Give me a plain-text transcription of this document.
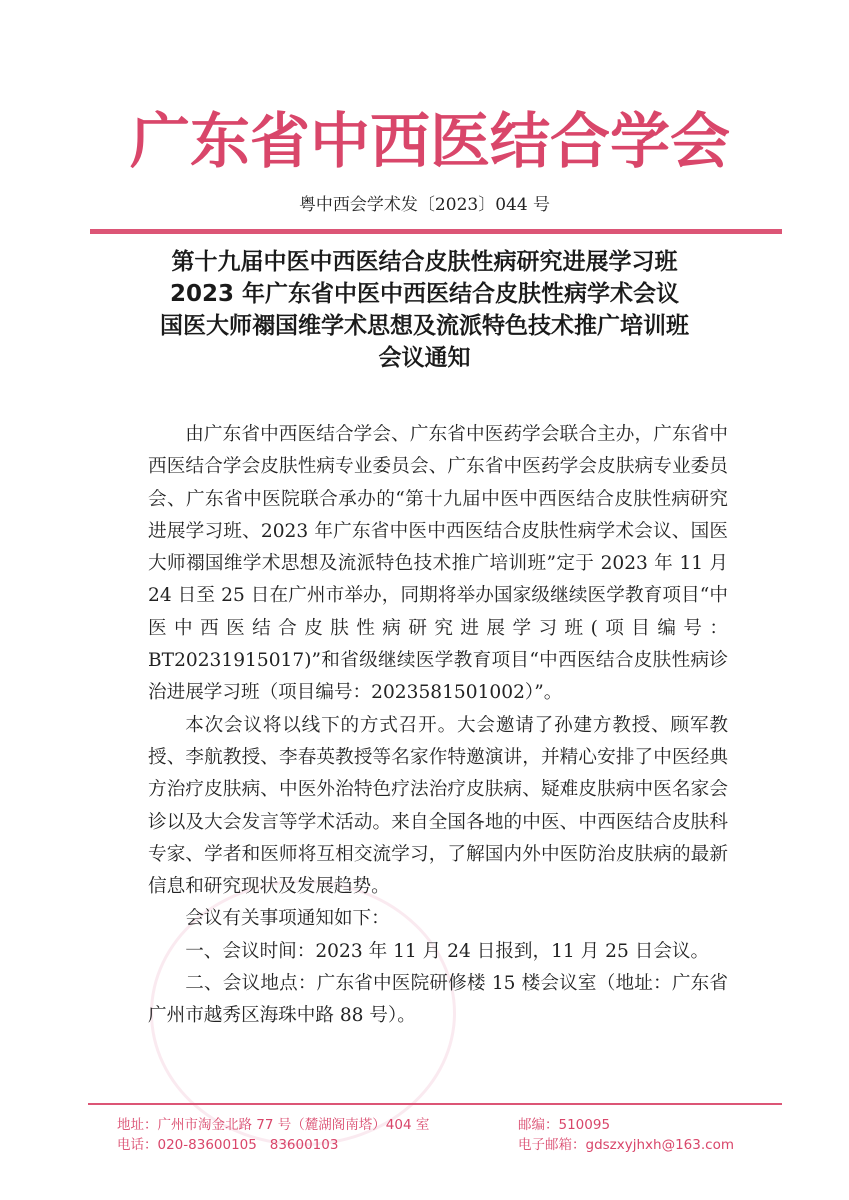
广 东 省 中 西 医 结 合 学 会
粤中西会学术发〔2023〕044 号
第十九届中医中西医结合皮肤性病研究进展学习班
2023 年广东省中医中西医结合皮肤性病学术会议
国医大师禤国维学术思想及流派特色技术推广培训班
会议通知

由广东省中西医结合学会、广东省中医药学会联合主办，广东省中西医结合学会皮肤性病专业委员会、广东省中医药学会皮肤病专业委员会、广东省中医院联合承办的“第十九届中医中西医结合皮肤性病研究进展学习班、2023 年广东省中医中西医结合皮肤性病学术会议、国医大师禤国维学术思想及流派特色技术推广培训班”定于 2023 年 11 月 24 日至 25 日在广州市举办，同期将举办国家级继续医学教育项目“中医中西医结合皮肤性病研究进展学习班(项目编号：BT20231915017)”和省级继续医学教育项目“中西医结合皮肤性病诊治进展学习班（项目编号：2023581501002）”。

本次会议将以线下的方式召开。大会邀请了孙建方教授、顾军教授、李航教授、李春英教授等名家作特邀演讲，并精心安排了中医经典方治疗皮肤病、中医外治特色疗法治疗皮肤病、疑难皮肤病中医名家会诊以及大会发言等学术活动。来自全国各地的中医、中西医结合皮肤科专家、学者和医师将互相交流学习，了解国内外中医防治皮肤病的最新信息和研究现状及发展趋势。

会议有关事项通知如下：

一、会议时间：2023 年 11 月 24 日报到，11 月 25 日会议。

二、会议地点：广东省中医院研修楼 15 楼会议室（地址：广东省广州市越秀区海珠中路 88 号）。

地址：广州市淘金北路 77 号（麓湖阁南塔）404 室	邮编：510095
电话：020-83600105   83600103	电子邮箱：gdszxyjhxh@163.com
